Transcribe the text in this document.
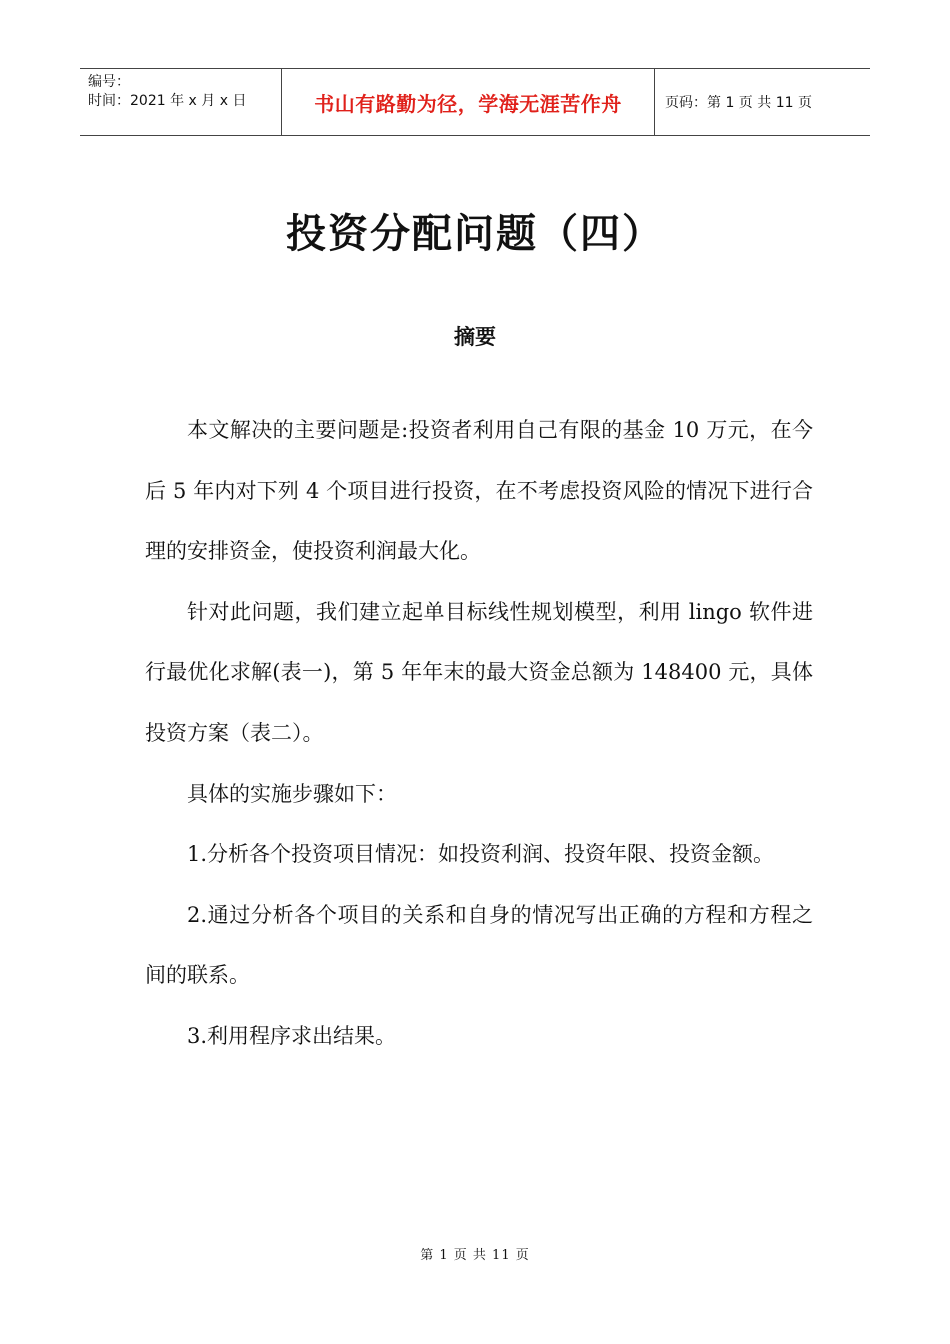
编号：
时间：2021 年 x 月 x 日	书山有路勤为径，学海无涯苦作舟	页码：第 1 页 共 11 页
投资分配问题（四）
摘要

本文解决的主要问题是:投资者利用自己有限的基金 10 万元，在今后 5 年内对下列 4 个项目进行投资，在不考虑投资风险的情况下进行合理的安排资金，使投资利润最大化。

针对此问题，我们建立起单目标线性规划模型，利用 lingo 软件进行最优化求解(表一)，第 5 年年末的最大资金总额为 148400 元，具体投资方案（表二）。

具体的实施步骤如下：

1.分析各个投资项目情况：如投资利润、投资年限、投资金额。

2.通过分析各个项目的关系和自身的情况写出正确的方程和方程之间的联系。

3.利用程序求出结果。

第 1 页 共 11 页
